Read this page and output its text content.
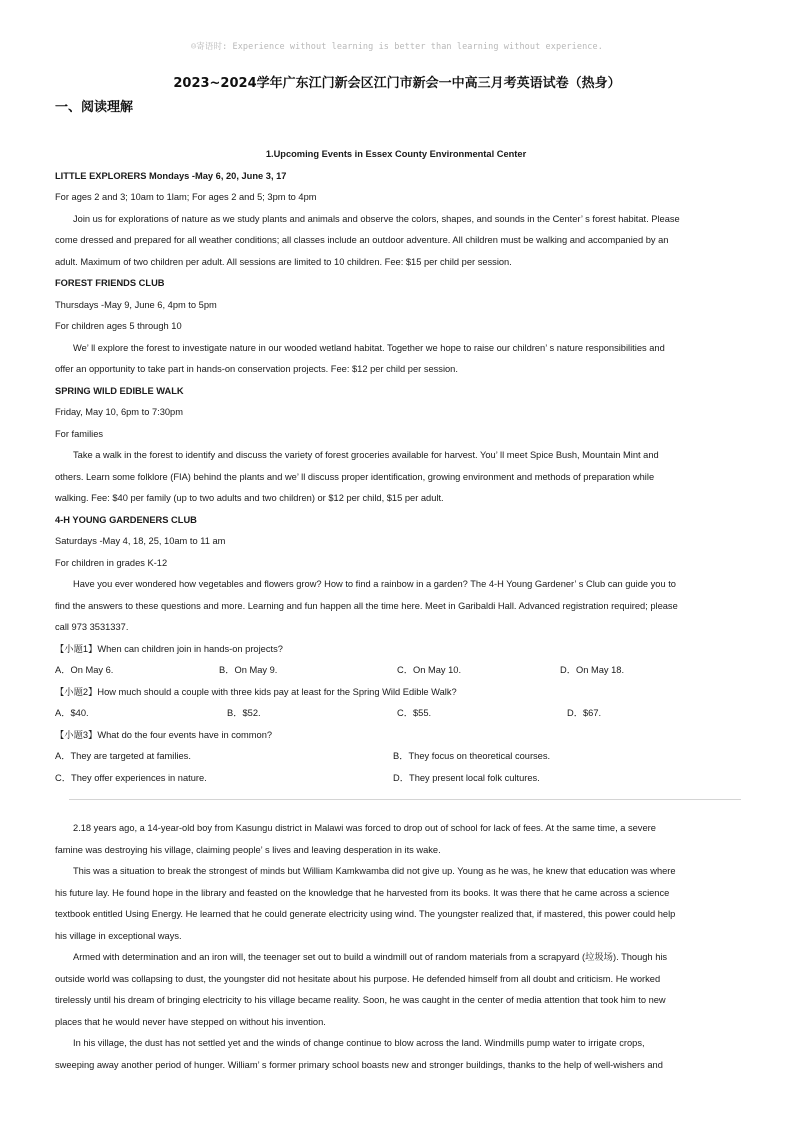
☺寄语时: Experience without learning is better than learning without experience.
2023~2024学年广东江门新会区江门市新会一中高三月考英语试卷（热身）
一、阅读理解

1.Upcoming Events in Essex County Environmental Center

LITTLE EXPLORERS Mondays -May 6, 20, June 3, 17

For ages 2 and 3; 10am to 1lam; For ages 2 and 5; 3pm to 4pm

Join us for explorations of nature as we study plants and animals and observe the colors, shapes, and sounds in the Center’ s forest habitat. Please

come dressed and prepared for all weather conditions; all classes include an outdoor adventure. All children must be walking and accompanied by an

adult. Maximum of two children per adult. All sessions are limited to 10 children. Fee: $15 per child per session.

FOREST FRIENDS CLUB

Thursdays -May 9, June 6, 4pm to 5pm

For children ages 5 through 10

We’ ll explore the forest to investigate nature in our wooded wetland habitat. Together we hope to raise our children’ s nature responsibilities and

offer an opportunity to take part in hands-on conservation projects. Fee: $12 per child per session.

SPRING WILD EDIBLE WALK

Friday, May 10, 6pm to 7:30pm

For families

Take a walk in the forest to identify and discuss the variety of forest groceries available for harvest. You’ ll meet Spice Bush, Mountain Mint and

others. Learn some folklore (FIA) behind the plants and we’ ll discuss proper identification, growing environment and methods of preparation while

walking. Fee: $40 per family (up to two adults and two children) or $12 per child, $15 per adult.

4-H YOUNG GARDENERS CLUB

Saturdays -May 4, 18, 25, 10am to 11 am

For children in grades K-12

Have you ever wondered how vegetables and flowers grow? How to find a rainbow in a garden? The 4-H Young Gardener’ s Club can guide you to

find the answers to these questions and more. Learning and fun happen all the time here. Meet in Garibaldi Hall. Advanced registration required; please

call 973 3531337.

【小题1】When can children join in hands-on projects?

A．On May 6.	B．On May 9.	C．On May 10.	D．On May 18.

【小题2】How much should a couple with three kids pay at least for the Spring Wild Edible Walk?

A．$40.	B．$52.	C．$55.	D．$67.

【小题3】What do the four events have in common?

A．They are targeted at families.	B．They focus on theoretical courses.
C．They offer experiences in nature.	D．They present local folk cultures.

2.18 years ago, a 14-year-old boy from Kasungu district in Malawi was forced to drop out of school for lack of fees. At the same time, a severe

famine was destroying his village, claiming people’ s lives and leaving desperation in its wake.

This was a situation to break the strongest of minds but William Kamkwamba did not give up. Young as he was, he knew that education was where

his future lay. He found hope in the library and feasted on the knowledge that he harvested from its books. It was there that he came across a science

textbook entitled Using Energy. He learned that he could generate electricity using wind. The youngster realized that, if mastered, this power could help

his village in exceptional ways.

Armed with determination and an iron will, the teenager set out to build a windmill out of random materials from a scrapyard (垃圾场). Though his

outside world was collapsing to dust, the youngster did not hesitate about his purpose. He defended himself from all doubt and criticism. He worked

tirelessly until his dream of bringing electricity to his village became reality. Soon, he was caught in the center of media attention that took him to new

places that he would never have stepped on without his invention.

In his village, the dust has not settled yet and the winds of change continue to blow across the land. Windmills pump water to irrigate crops,

sweeping away another period of hunger. William’ s former primary school boasts new and stronger buildings, thanks to the help of well-wishers and
